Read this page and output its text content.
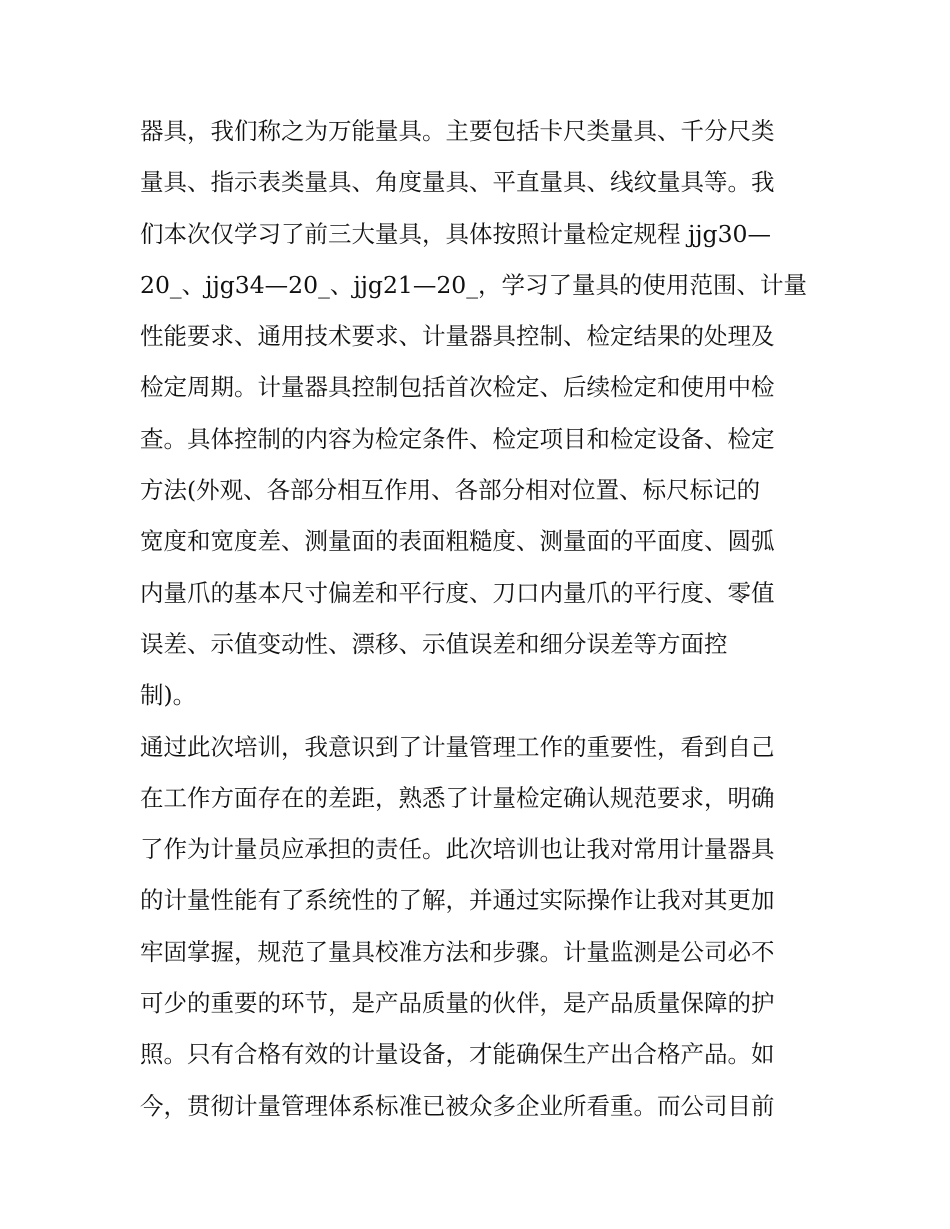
器具，我们称之为万能量具。主要包括卡尺类量具、千分尺类
量具、指示表类量具、角度量具、平直量具、线纹量具等。我
们本次仅学习了前三大量具，具体按照计量检定规程 jjg30—
20_、jjg34—20_、jjg21—20_，学习了量具的使用范围、计量
性能要求、通用技术要求、计量器具控制、检定结果的处理及
检定周期。计量器具控制包括首次检定、后续检定和使用中检
查。具体控制的内容为检定条件、检定项目和检定设备、检定
方法(外观、各部分相互作用、各部分相对位置、标尺标记的
宽度和宽度差、测量面的表面粗糙度、测量面的平面度、圆弧
内量爪的基本尺寸偏差和平行度、刀口内量爪的平行度、零值
误差、示值变动性、漂移、示值误差和细分误差等方面控
制)。
通过此次培训，我意识到了计量管理工作的重要性，看到自己
在工作方面存在的差距，熟悉了计量检定确认规范要求，明确
了作为计量员应承担的责任。此次培训也让我对常用计量器具
的计量性能有了系统性的了解，并通过实际操作让我对其更加
牢固掌握，规范了量具校准方法和步骤。计量监测是公司必不
可少的重要的环节，是产品质量的伙伴，是产品质量保障的护
照。只有合格有效的计量设备，才能确保生产出合格产品。如
今，贯彻计量管理体系标准已被众多企业所看重。而公司目前
